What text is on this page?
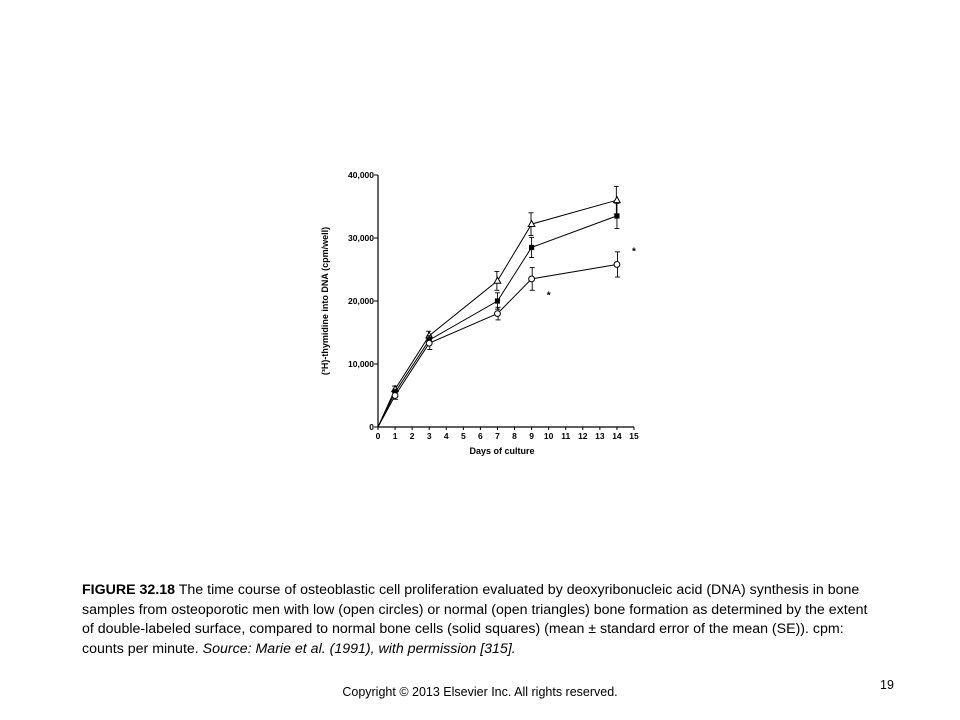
(³H)-thymidine into DNA (cpm/well)
Days of culture
0
10,000
20,000
30,000
40,000
0 1 2 3 4 5 6 7 8 9 10 11 12 13 14 15
*
*
FIGURE 32.18 The time course of osteoblastic cell proliferation evaluated by deoxyribonucleic acid (DNA) synthesis in bone samples from osteoporotic men with low (open circles) or normal (open triangles) bone formation as determined by the extent of double-labeled surface, compared to normal bone cells (solid squares) (mean ± standard error of the mean (SE)). cpm: counts per minute. Source: Marie et al. (1991), with permission [315].
Copyright © 2013 Elsevier Inc. All rights reserved.	19
